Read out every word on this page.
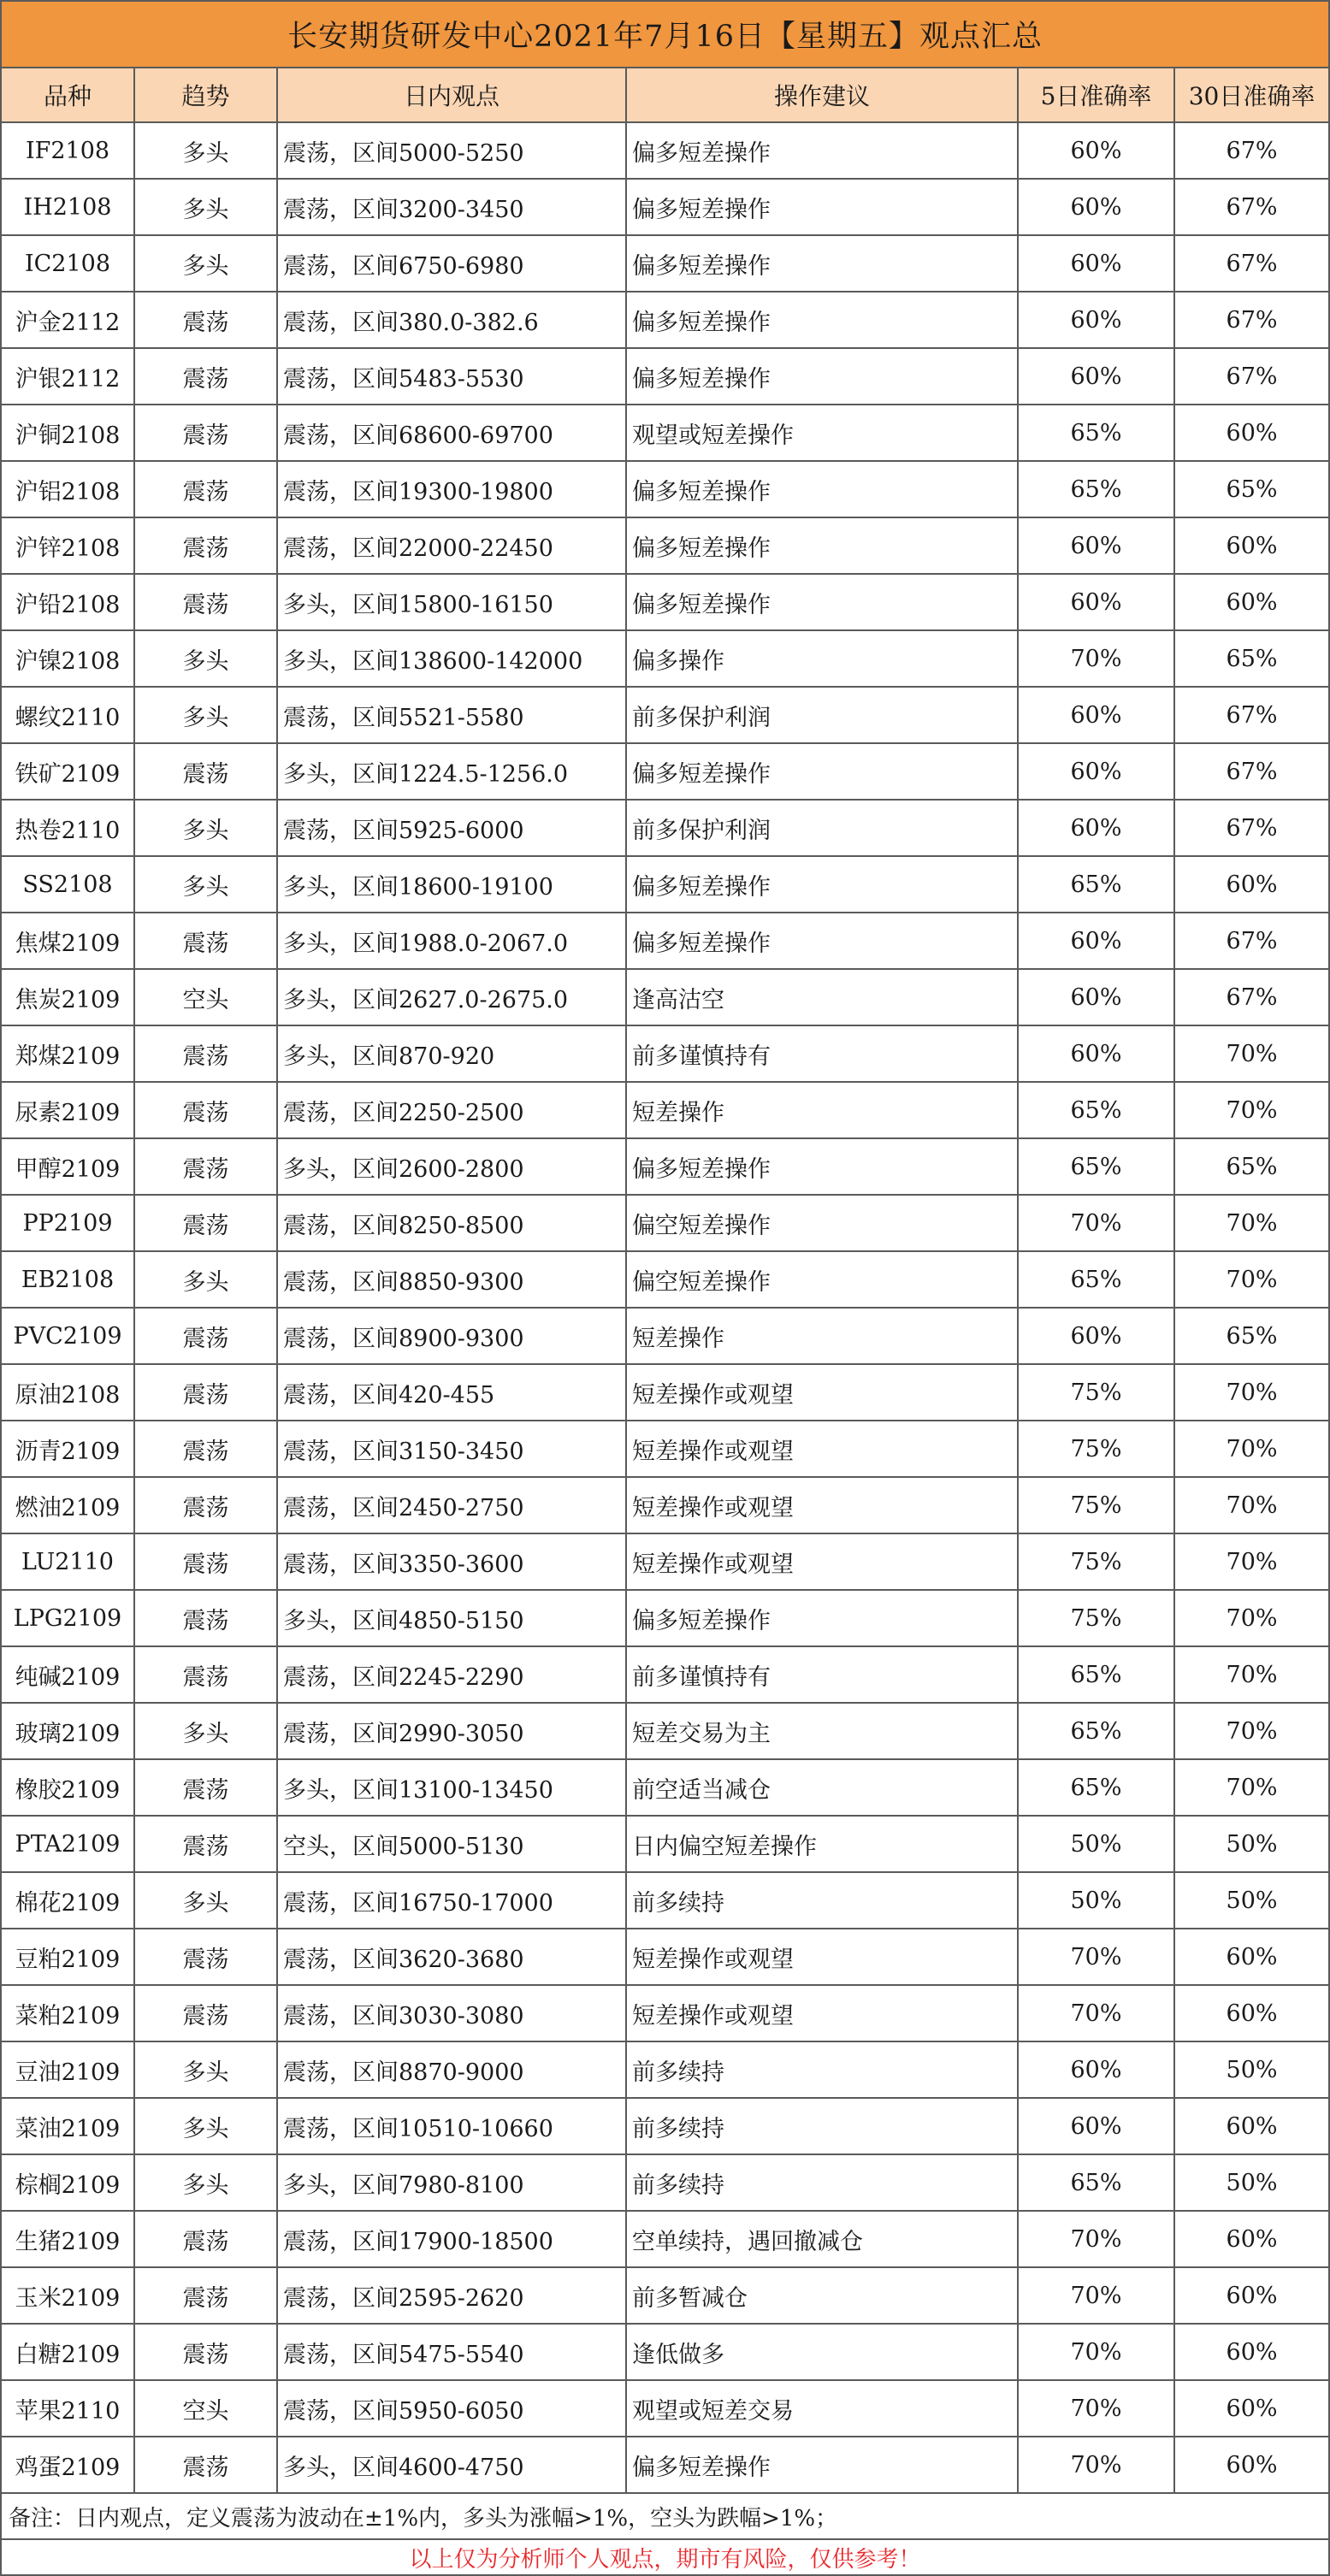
长安期货研发中心2021年7月16日【星期五】观点汇总					
品种	趋势	日内观点	操作建议	5日准确率	30日准确率
IF2108	多头	震荡，区间5000-5250	偏多短差操作	60%	67%
IH2108	多头	震荡，区间3200-3450	偏多短差操作	60%	67%
IC2108	多头	震荡，区间6750-6980	偏多短差操作	60%	67%
沪金2112	震荡	震荡，区间380.0-382.6	偏多短差操作	60%	67%
沪银2112	震荡	震荡，区间5483-5530	偏多短差操作	60%	67%
沪铜2108	震荡	震荡，区间68600-69700	观望或短差操作	65%	60%
沪铝2108	震荡	震荡，区间19300-19800	偏多短差操作	65%	65%
沪锌2108	震荡	震荡，区间22000-22450	偏多短差操作	60%	60%
沪铅2108	震荡	多头，区间15800-16150	偏多短差操作	60%	60%
沪镍2108	多头	多头，区间138600-142000	偏多操作	70%	65%
螺纹2110	多头	震荡，区间5521-5580	前多保护利润	60%	67%
铁矿2109	震荡	多头，区间1224.5-1256.0	偏多短差操作	60%	67%
热卷2110	多头	震荡，区间5925-6000	前多保护利润	60%	67%
SS2108	多头	多头，区间18600-19100	偏多短差操作	65%	60%
焦煤2109	震荡	多头，区间1988.0-2067.0	偏多短差操作	60%	67%
焦炭2109	空头	多头，区间2627.0-2675.0	逢高沽空	60%	67%
郑煤2109	震荡	多头，区间870-920	前多谨慎持有	60%	70%
尿素2109	震荡	震荡，区间2250-2500	短差操作	65%	70%
甲醇2109	震荡	多头，区间2600-2800	偏多短差操作	65%	65%
PP2109	震荡	震荡，区间8250-8500	偏空短差操作	70%	70%
EB2108	多头	震荡，区间8850-9300	偏空短差操作	65%	70%
PVC2109	震荡	震荡，区间8900-9300	短差操作	60%	65%
原油2108	震荡	震荡，区间420-455	短差操作或观望	75%	70%
沥青2109	震荡	震荡，区间3150-3450	短差操作或观望	75%	70%
燃油2109	震荡	震荡，区间2450-2750	短差操作或观望	75%	70%
LU2110	震荡	震荡，区间3350-3600	短差操作或观望	75%	70%
LPG2109	震荡	多头，区间4850-5150	偏多短差操作	75%	70%
纯碱2109	震荡	震荡，区间2245-2290	前多谨慎持有	65%	70%
玻璃2109	多头	震荡，区间2990-3050	短差交易为主	65%	70%
橡胶2109	震荡	多头，区间13100-13450	前空适当减仓	65%	70%
PTA2109	震荡	空头，区间5000-5130	日内偏空短差操作	50%	50%
棉花2109	多头	震荡，区间16750-17000	前多续持	50%	50%
豆粕2109	震荡	震荡，区间3620-3680	短差操作或观望	70%	60%
菜粕2109	震荡	震荡，区间3030-3080	短差操作或观望	70%	60%
豆油2109	多头	震荡，区间8870-9000	前多续持	60%	50%
菜油2109	多头	震荡，区间10510-10660	前多续持	60%	60%
棕榈2109	多头	多头，区间7980-8100	前多续持	65%	50%
生猪2109	震荡	震荡，区间17900-18500	空单续持，遇回撤减仓	70%	60%
玉米2109	震荡	震荡，区间2595-2620	前多暂减仓	70%	60%
白糖2109	震荡	震荡，区间5475-5540	逢低做多	70%	60%
苹果2110	空头	震荡，区间5950-6050	观望或短差交易	70%	60%
鸡蛋2109	震荡	多头，区间4600-4750	偏多短差操作	70%	60%
备注：日内观点，定义震荡为波动在±1%内，多头为涨幅>1%，空头为跌幅>1%；					
以上仅为分析师个人观点，期市有风险，仅供参考！					
